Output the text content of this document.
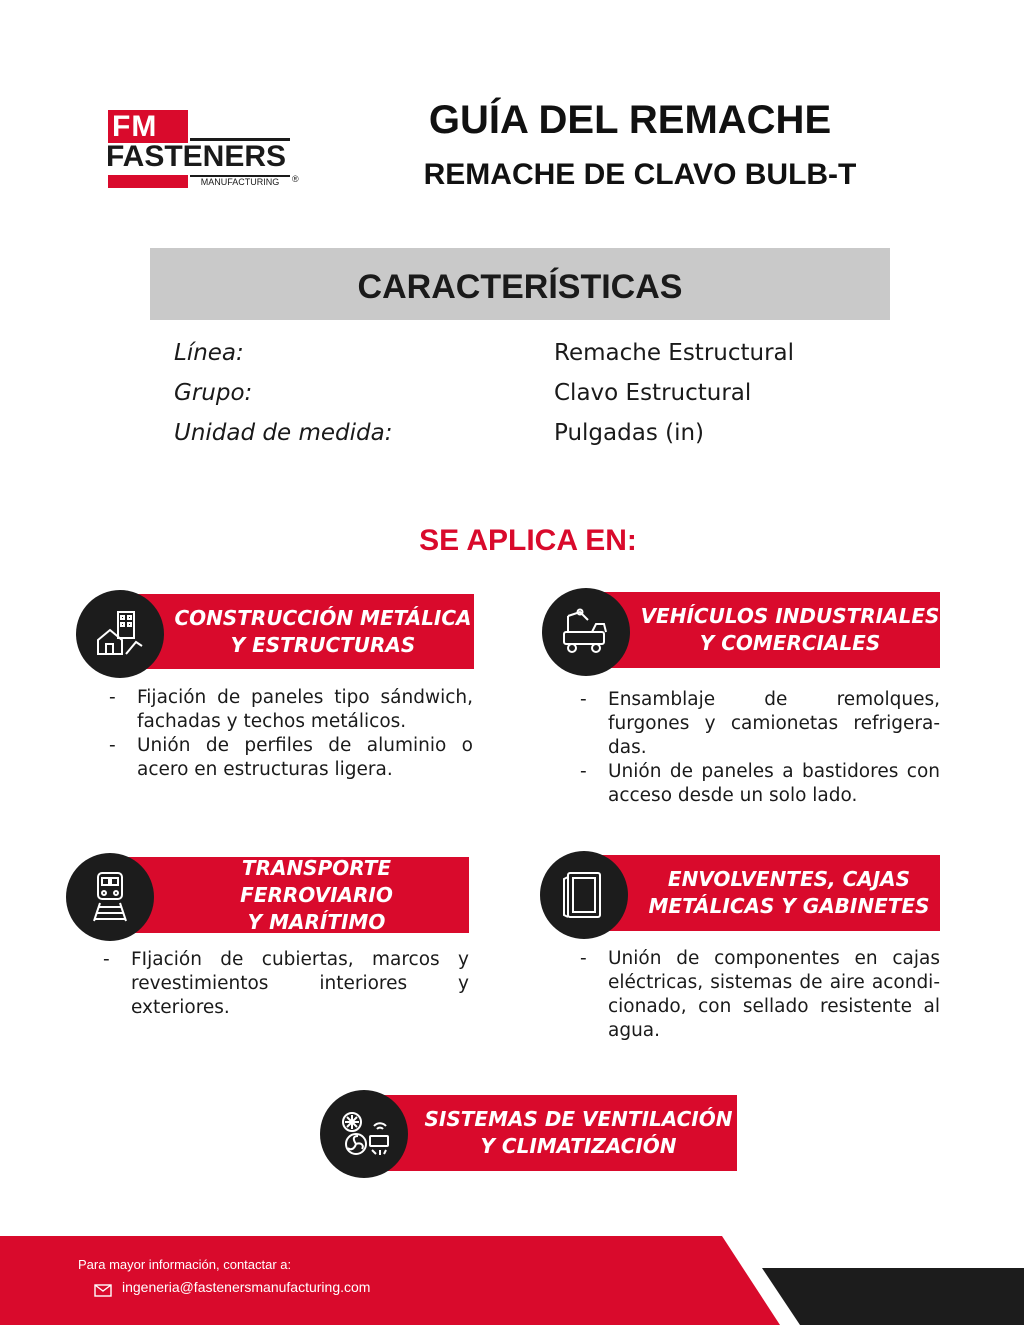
FM
FASTENERS
MANUFACTURING	®
GUÍA DEL REMACHE
REMACHE DE CLAVO BULB-T
CARACTERÍSTICAS
Línea:	Remache Estructural
Grupo:	Clavo Estructural
Unidad de medida:	Pulgadas (in)
SE APLICA EN:
CONSTRUCCIÓN METÁLICA
Y ESTRUCTURAS
- Fijación de paneles tipo sándwich, fachadas y techos metálicos.
- Unión de perfiles de aluminio o acero en estructuras ligera.
VEHÍCULOS INDUSTRIALES
Y COMERCIALES
- Ensamblaje de remolques, furgones y camionetas refrigera-das.
- Unión de paneles a bastidores con acceso desde un solo lado.
TRANSPORTE FERROVIARIO
Y MARÍTIMO
- FIjación de cubiertas, marcos y revestimientos interiores y exteriores.
ENVOLVENTES, CAJAS
METÁLICAS Y GABINETES
- Unión de componentes en cajas eléctricas, sistemas de aire acondi-cionado, con sellado resistente al agua.
SISTEMAS DE VENTILACIÓN
Y CLIMATIZACIÓN
Para mayor información, contactar a:
ingeneria@fastenersmanufacturing.com
